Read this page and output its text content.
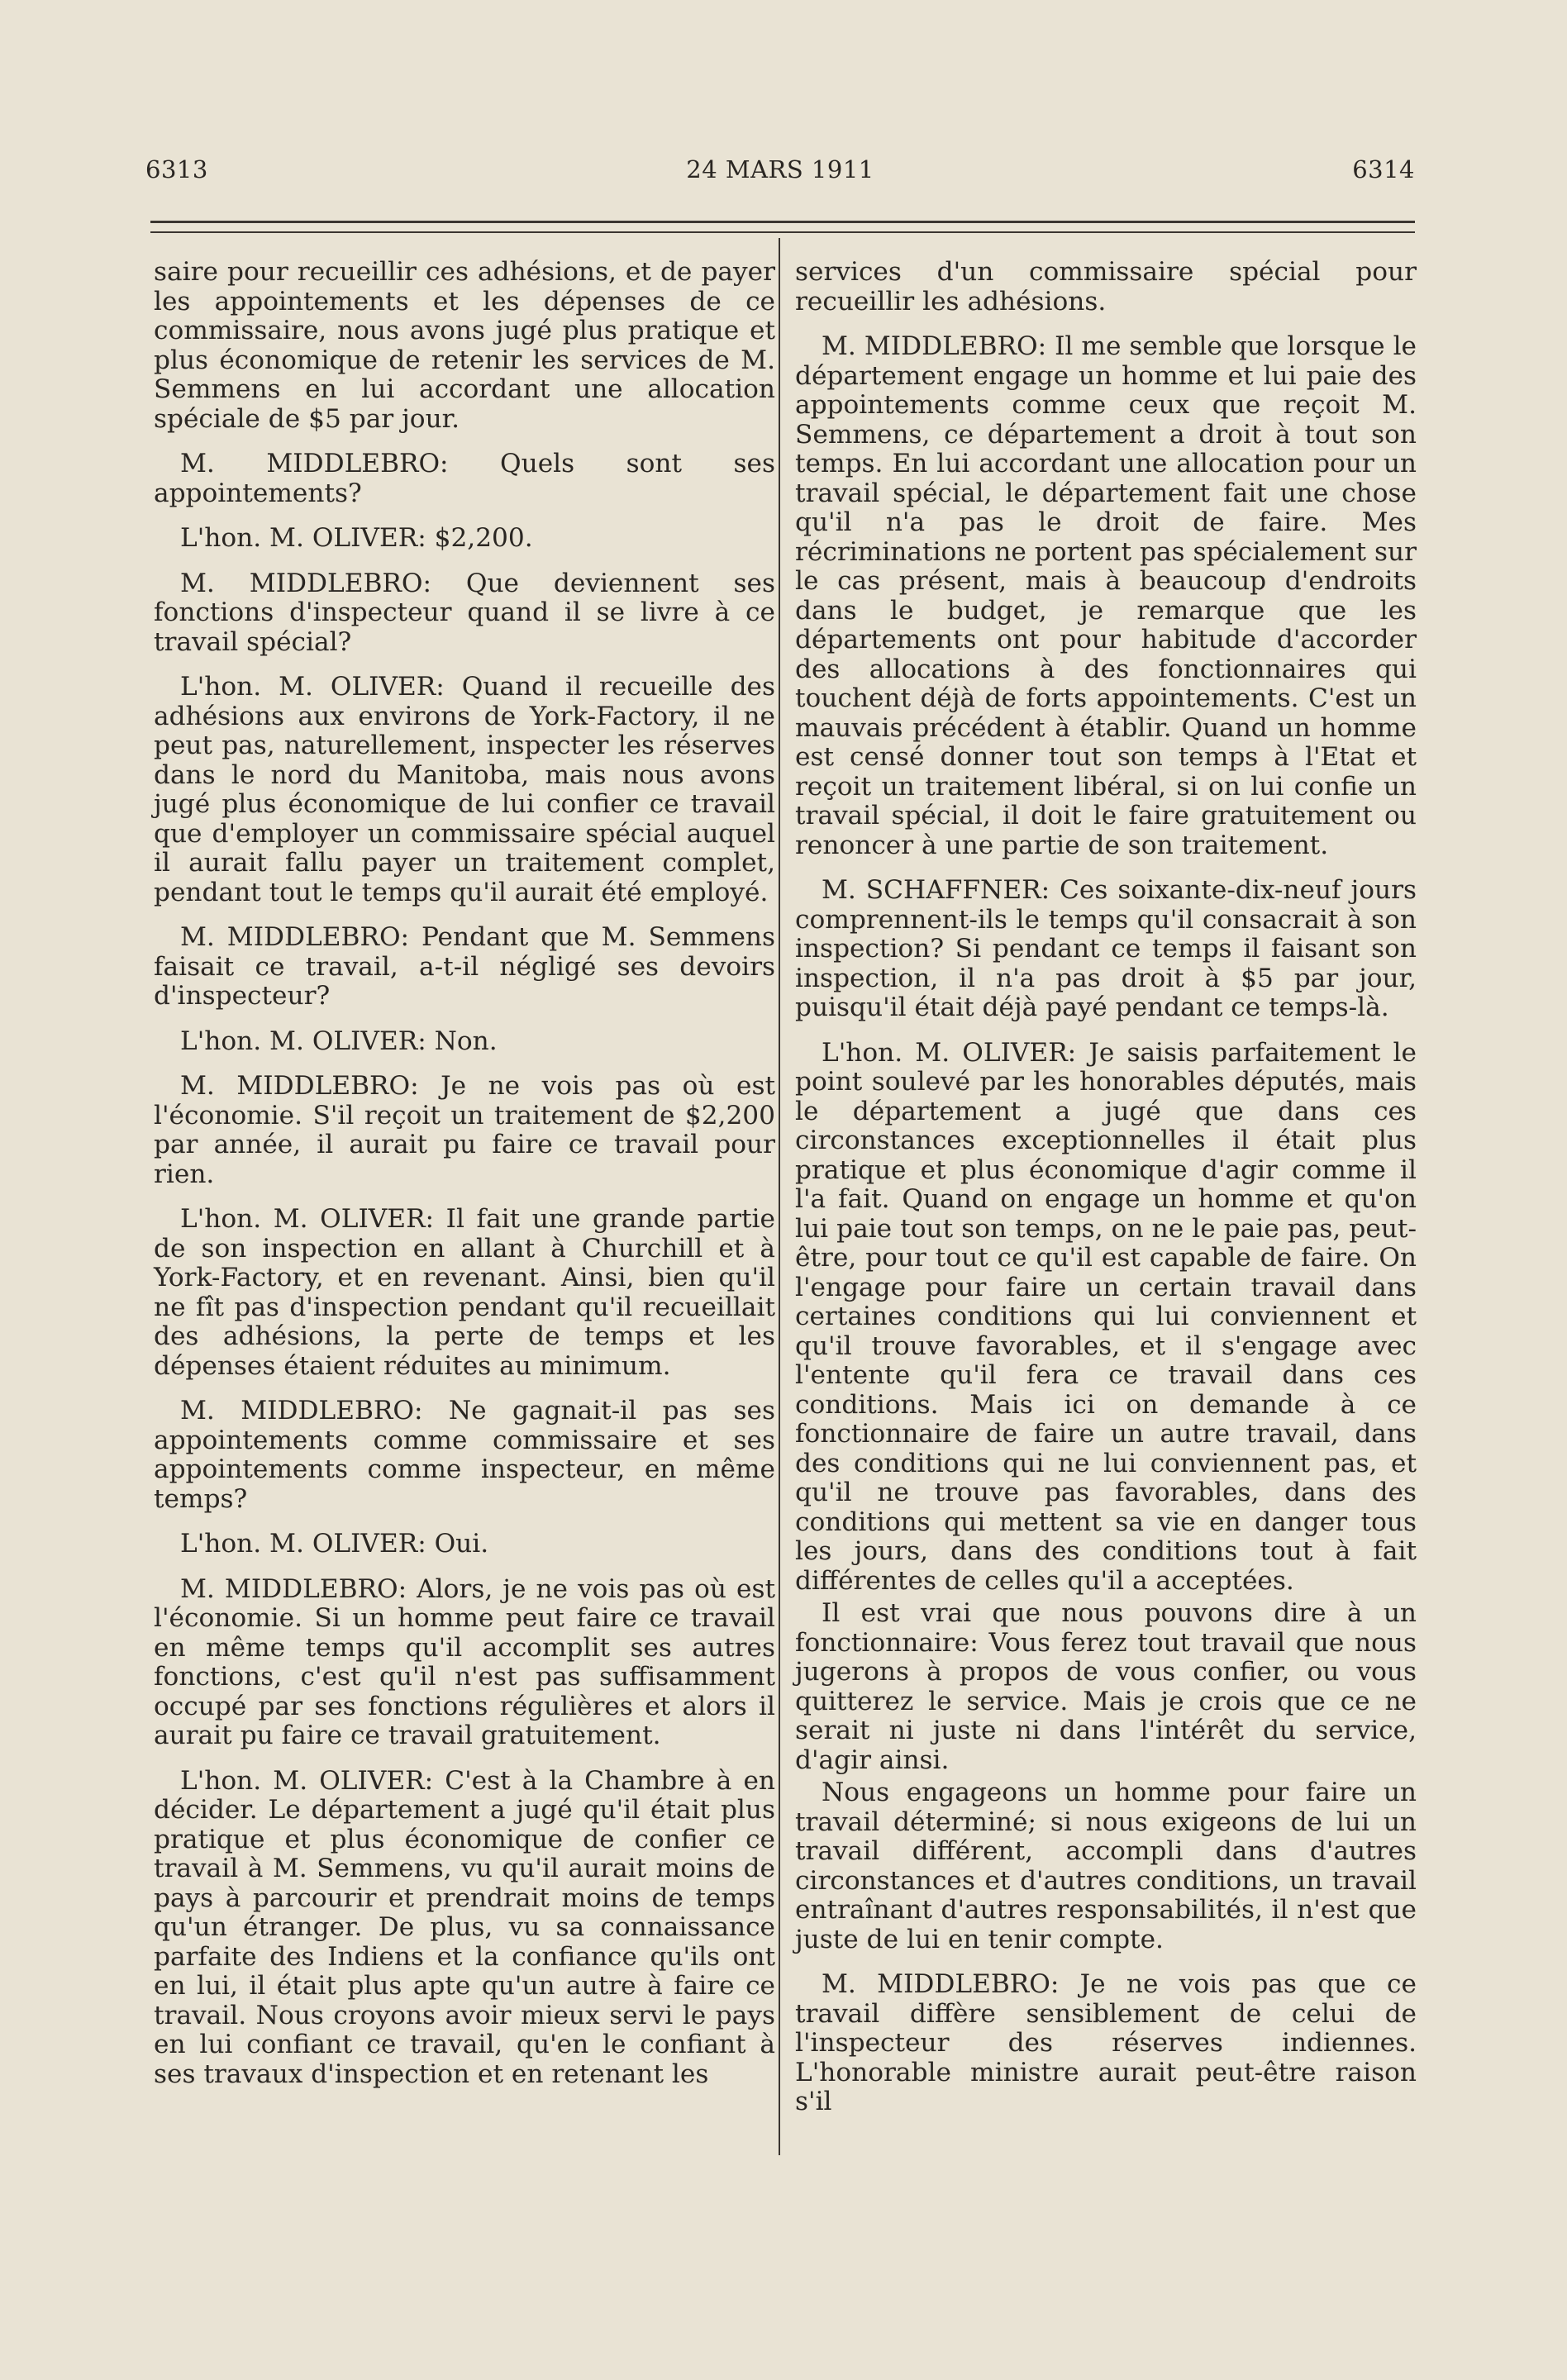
6313	24 MARS 1911	6314

saire pour recueillir ces adhésions, et de payer les appointements et les dépenses de ce commissaire, nous avons jugé plus pratique et plus économique de retenir les services de M. Semmens en lui accordant une allocation spéciale de $5 par jour.

M. MIDDLEBRO: Quels sont ses appointements?

L'hon. M. OLIVER: $2,200.

M. MIDDLEBRO: Que deviennent ses fonctions d'inspecteur quand il se livre à ce travail spécial?

L'hon. M. OLIVER: Quand il recueille des adhésions aux environs de York-Factory, il ne peut pas, naturellement, inspecter les réserves dans le nord du Manitoba, mais nous avons jugé plus économique de lui confier ce travail que d'employer un commissaire spécial auquel il aurait fallu payer un traitement complet, pendant tout le temps qu'il aurait été employé.

M. MIDDLEBRO: Pendant que M. Semmens faisait ce travail, a-t-il négligé ses devoirs d'inspecteur?

L'hon. M. OLIVER: Non.

M. MIDDLEBRO: Je ne vois pas où est l'économie. S'il reçoit un traitement de $2,200 par année, il aurait pu faire ce travail pour rien.

L'hon. M. OLIVER: Il fait une grande partie de son inspection en allant à Churchill et à York-Factory, et en revenant. Ainsi, bien qu'il ne fît pas d'inspection pendant qu'il recueillait des adhésions, la perte de temps et les dépenses étaient réduites au minimum.

M. MIDDLEBRO: Ne gagnait-il pas ses appointements comme commissaire et ses appointements comme inspecteur, en même temps?

L'hon. M. OLIVER: Oui.

M. MIDDLEBRO: Alors, je ne vois pas où est l'économie. Si un homme peut faire ce travail en même temps qu'il accomplit ses autres fonctions, c'est qu'il n'est pas suffisamment occupé par ses fonctions régulières et alors il aurait pu faire ce travail gratuitement.

L'hon. M. OLIVER: C'est à la Chambre à en décider. Le département a jugé qu'il était plus pratique et plus économique de confier ce travail à M. Semmens, vu qu'il aurait moins de pays à parcourir et prendrait moins de temps qu'un étranger. De plus, vu sa connaissance parfaite des Indiens et la confiance qu'ils ont en lui, il était plus apte qu'un autre à faire ce travail. Nous croyons avoir mieux servi le pays en lui confiant ce travail, qu'en le confiant à ses travaux d'inspection et en retenant les

services d'un commissaire spécial pour recueillir les adhésions.

M. MIDDLEBRO: Il me semble que lorsque le département engage un homme et lui paie des appointements comme ceux que reçoit M. Semmens, ce département a droit à tout son temps. En lui accordant une allocation pour un travail spécial, le département fait une chose qu'il n'a pas le droit de faire. Mes récriminations ne portent pas spécialement sur le cas présent, mais à beaucoup d'endroits dans le budget, je remarque que les départements ont pour habitude d'accorder des allocations à des fonctionnaires qui touchent déjà de forts appointements. C'est un mauvais précédent à établir. Quand un homme est censé donner tout son temps à l'Etat et reçoit un traitement libéral, si on lui confie un travail spécial, il doit le faire gratuitement ou renoncer à une partie de son traitement.

M. SCHAFFNER: Ces soixante-dix-neuf jours comprennent-ils le temps qu'il consacrait à son inspection? Si pendant ce temps il faisant son inspection, il n'a pas droit à $5 par jour, puisqu'il était déjà payé pendant ce temps-là.

L'hon. M. OLIVER: Je saisis parfaitement le point soulevé par les honorables députés, mais le département a jugé que dans ces circonstances exceptionnelles il était plus pratique et plus économique d'agir comme il l'a fait. Quand on engage un homme et qu'on lui paie tout son temps, on ne le paie pas, peut-être, pour tout ce qu'il est capable de faire. On l'engage pour faire un certain travail dans certaines conditions qui lui conviennent et qu'il trouve favorables, et il s'engage avec l'entente qu'il fera ce travail dans ces conditions. Mais ici on demande à ce fonctionnaire de faire un autre travail, dans des conditions qui ne lui conviennent pas, et qu'il ne trouve pas favorables, dans des conditions qui mettent sa vie en danger tous les jours, dans des conditions tout à fait différentes de celles qu'il a acceptées.

Il est vrai que nous pouvons dire à un fonctionnaire: Vous ferez tout travail que nous jugerons à propos de vous confier, ou vous quitterez le service. Mais je crois que ce ne serait ni juste ni dans l'intérêt du service, d'agir ainsi.

Nous engageons un homme pour faire un travail déterminé; si nous exigeons de lui un travail différent, accompli dans d'autres circonstances et d'autres conditions, un travail entraînant d'autres responsabilités, il n'est que juste de lui en tenir compte.

M. MIDDLEBRO: Je ne vois pas que ce travail diffère sensiblement de celui de l'inspecteur des réserves indiennes. L'honorable ministre aurait peut-être raison s'il
